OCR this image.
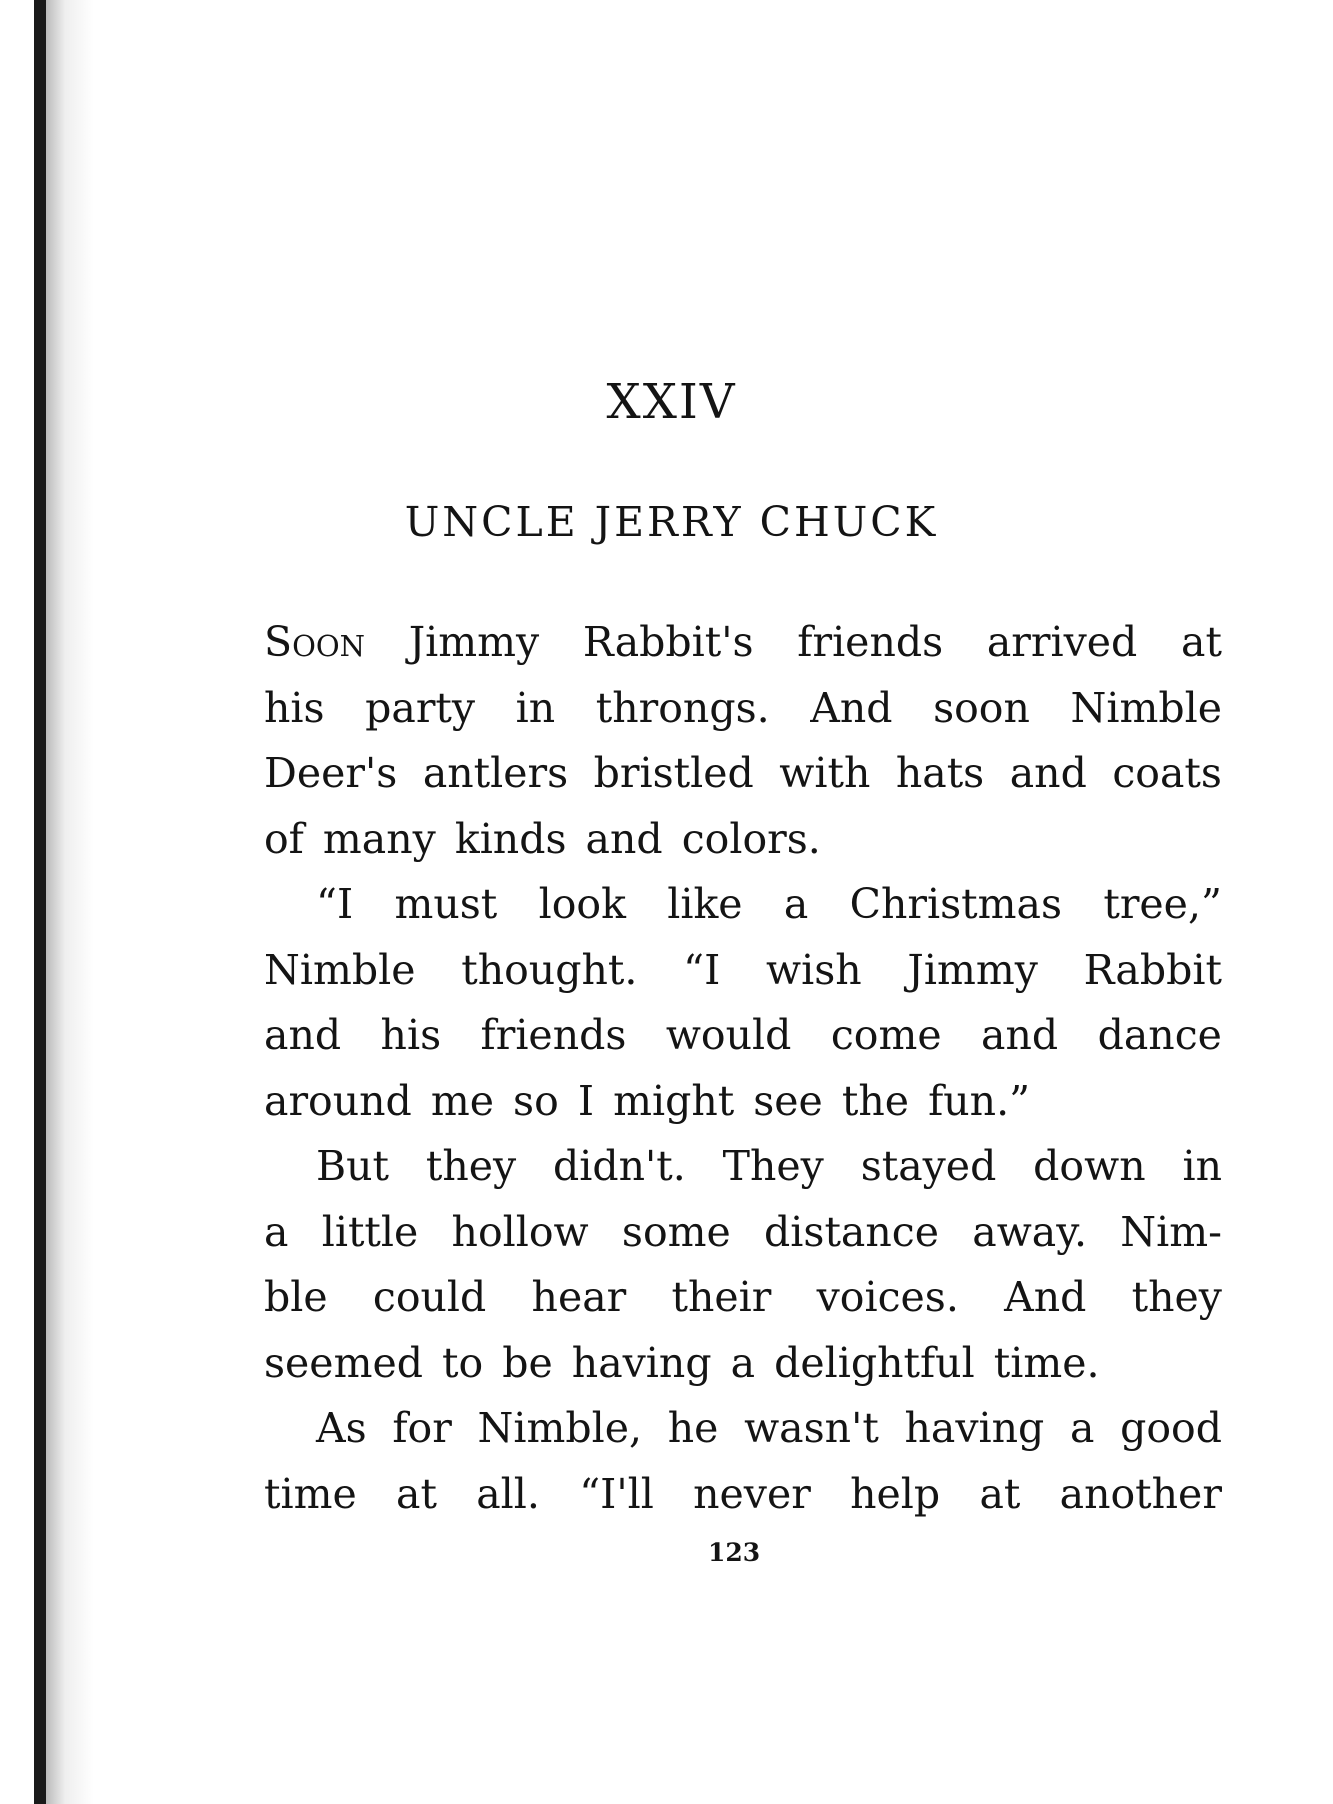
XXIV
UNCLE JERRY CHUCK
Soon Jimmy Rabbit's friends arrived at
his party in throngs. And soon Nimble
Deer's antlers bristled with hats and coats
of
many
kinds
and
colors.
“I must look like a Christmas tree,”
Nimble thought. “I wish Jimmy Rabbit
and his friends would come and dance
around
me
so
I
might
see
the
fun.”
But they didn't. They stayed down in
a little hollow some distance away. Nim-
ble could hear their voices. And they
seemed
to
be
having
a
delightful
time.
As for Nimble, he wasn't having a good
time at all. “I'll never help at another
123
